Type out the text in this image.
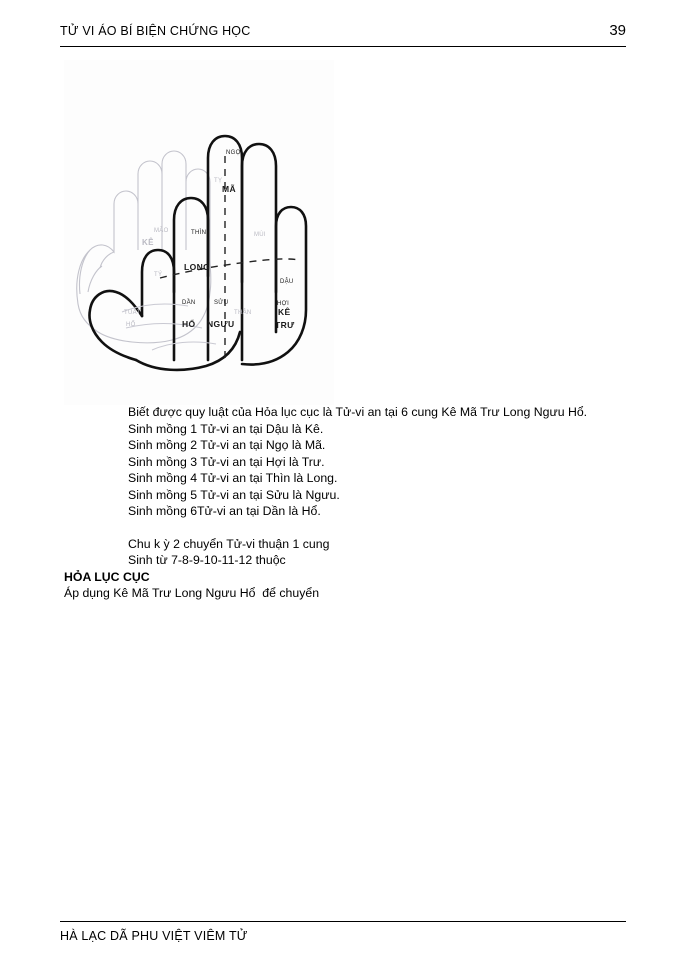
TỬ VI ÁO BÍ BIỆN CHỨNG HỌC	39
NGỌ
MÃ
THÌN
LONG
DẬU
KÊ
DẦN
HỔ
SỬU
NGƯU
HỢI
TRƯ
MÙI
TỴ
MÃO
KÊ
TÝ
THÂN
TUẤT
HỔ
Biết được quy luật của Hỏa lục cục là Tử-vi an tại 6 cung Kê Mã Trư Long Ngưu Hổ.
Sinh mồng 1 Tử-vi an tại Dậu là Kê.
Sinh mồng 2 Tử-vi an tại Ngọ là Mã.
Sinh mồng 3 Tử-vi an tại Hợi là Trư.
Sinh mồng 4 Tử-vi an tại Thìn là Long.
Sinh mồng 5 Tử-vi an tại Sửu là Ngưu.
Sinh mồng 6Tử-vi an tại Dần là Hổ.
Chu k ỳ 2 chuyển Tử-vi thuận 1 cung
Sinh từ 7-8-9-10-11-12 thuộc
HỎA LỤC CỤC
Áp dụng Kê Mã Trư Long Ngưu Hổ  để chuyển
HÀ LẠC DÃ PHU VIỆT VIÊM TỬ
